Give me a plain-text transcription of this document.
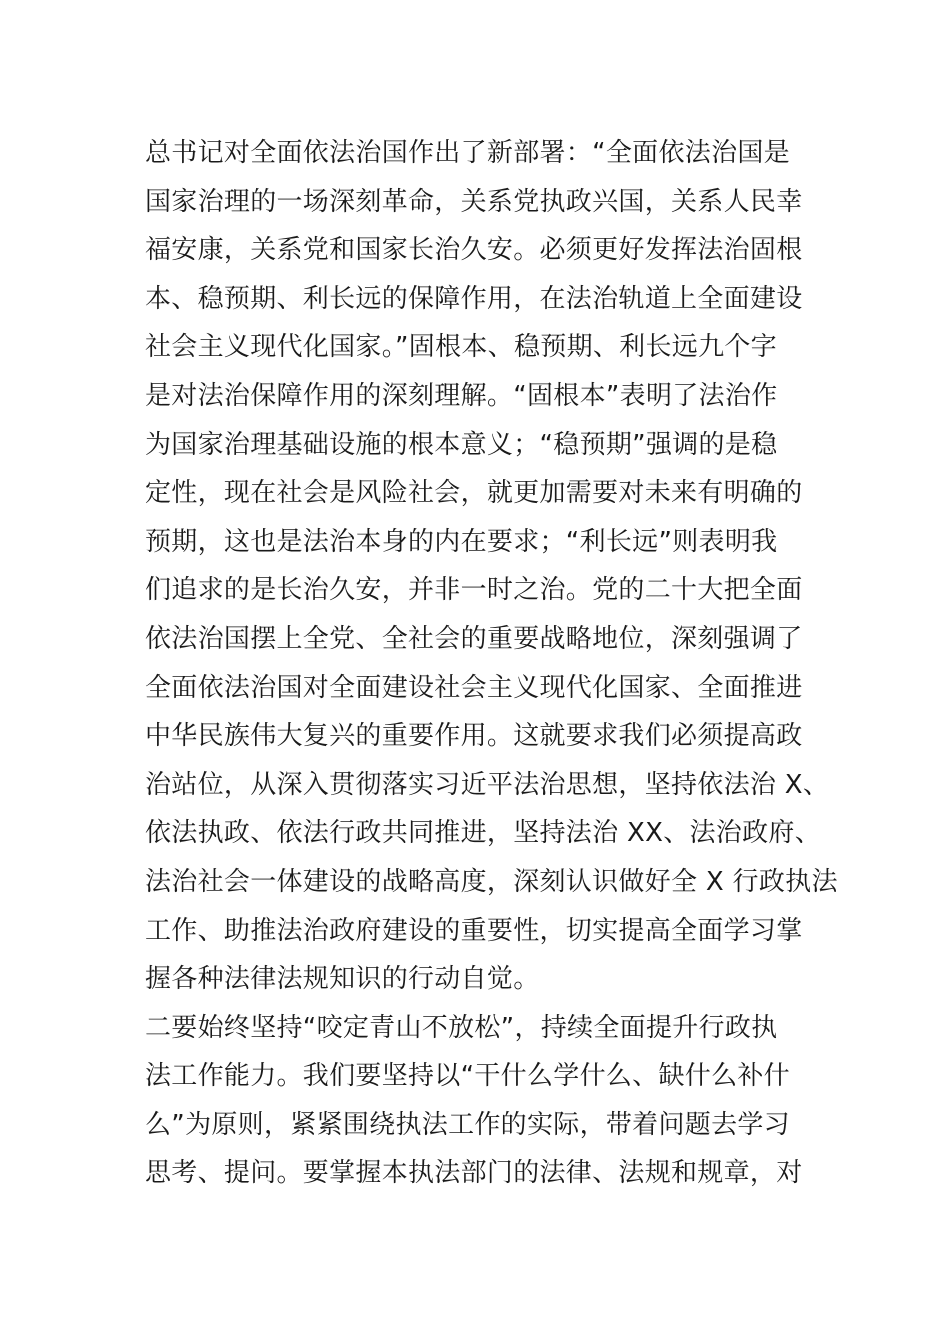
总书记对全面依法治国作出了新部署：“全面依法治国是
国家治理的一场深刻革命，关系党执政兴国，关系人民幸
福安康，关系党和国家长治久安。必须更好发挥法治固根
本、稳预期、利长远的保障作用，在法治轨道上全面建设
社会主义现代化国家。”固根本、稳预期、利长远九个字
是对法治保障作用的深刻理解。“固根本”表明了法治作
为国家治理基础设施的根本意义；“稳预期”强调的是稳
定性，现在社会是风险社会，就更加需要对未来有明确的
预期，这也是法治本身的内在要求；“利长远”则表明我
们追求的是长治久安，并非一时之治。党的二十大把全面
依法治国摆上全党、全社会的重要战略地位，深刻强调了
全面依法治国对全面建设社会主义现代化国家、全面推进
中华民族伟大复兴的重要作用。这就要求我们必须提高政
治站位，从深入贯彻落实习近平法治思想，坚持依法治 X、
依法执政、依法行政共同推进，坚持法治 XX、法治政府、
法治社会一体建设的战略高度，深刻认识做好全 X 行政执法
工作、助推法治政府建设的重要性，切实提高全面学习掌
握各种法律法规知识的行动自觉。
二要始终坚持“咬定青山不放松”，持续全面提升行政执
法工作能力。我们要坚持以“干什么学什么、缺什么补什
么”为原则，紧紧围绕执法工作的实际，带着问题去学习
思考、提问。要掌握本执法部门的法律、法规和规章，对
